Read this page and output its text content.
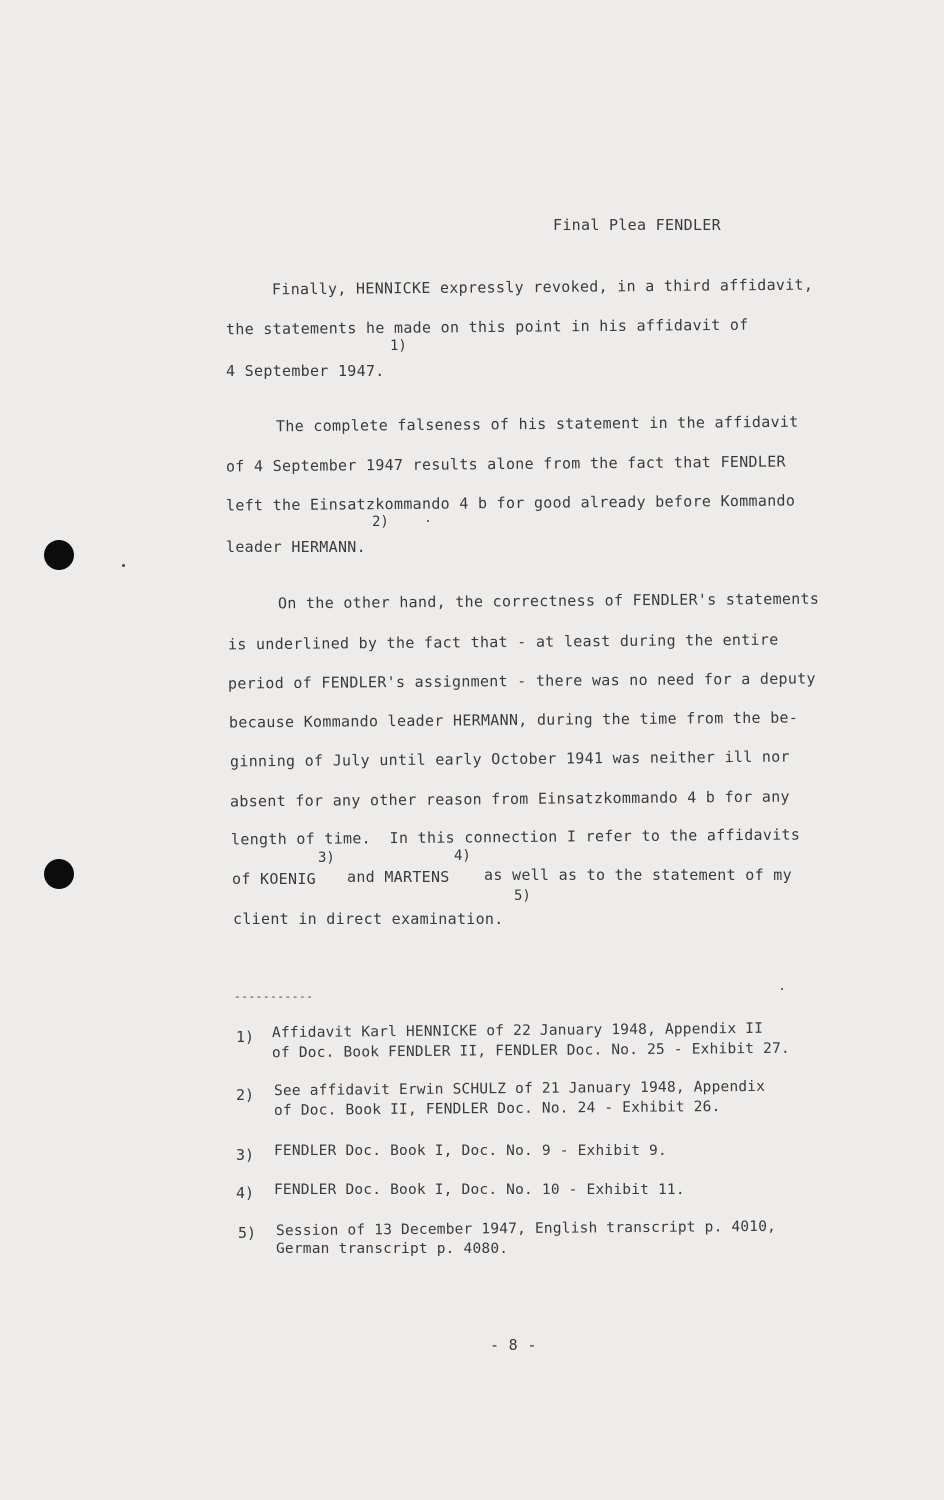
Final Plea FENDLER
Finally, HENNICKE expressly revoked, in a third affidavit,
the statements he made on this point in his affidavit of
1)
4 September 1947.
The complete falseness of his statement in the affidavit
of 4 September 1947 results alone from the fact that FENDLER
left the Einsatzkommando 4 b for good already before Kommando
2)
leader HERMANN.
On the other hand, the correctness of FENDLER's statements
is underlined by the fact that - at least during the entire
period of FENDLER's assignment - there was no need for a deputy
because Kommando leader HERMANN, during the time from the be-
ginning of July until early October 1941 was neither ill nor
absent for any other reason from Einsatzkommando 4 b for any
length of time.  In this connection I refer to the affidavits
3)	4)
of KOENIG and MARTENS as well as to the statement of my
5)
client in direct examination.
-----------
1) Affidavit Karl HENNICKE of 22 January 1948, Appendix II
of Doc. Book FENDLER II, FENDLER Doc. No. 25 - Exhibit 27.
2) See affidavit Erwin SCHULZ of 21 January 1948, Appendix
of Doc. Book II, FENDLER Doc. No. 24 - Exhibit 26.
3) FENDLER Doc. Book I, Doc. No. 9 - Exhibit 9.
4) FENDLER Doc. Book I, Doc. No. 10 - Exhibit 11.
5) Session of 13 December 1947, English transcript p. 4010,
German transcript p. 4080.
- 8 -
